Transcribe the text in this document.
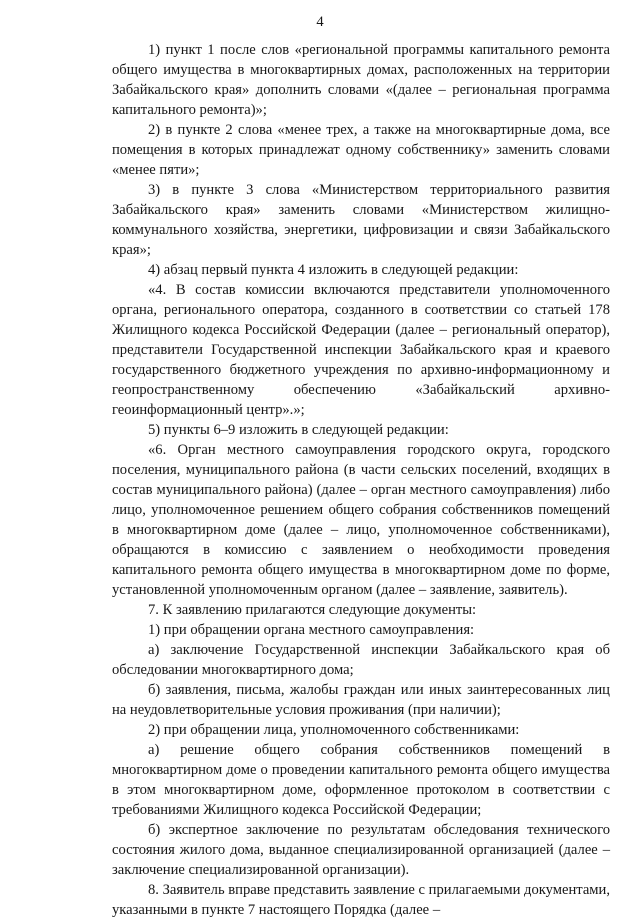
4

1) пункт 1 после слов «региональной программы капитального ремонта общего имущества в многоквартирных домах, расположенных на территории Забайкальского края» дополнить словами «(далее – региональная программа капитального ремонта)»;

2) в пункте 2 слова «менее трех, а также на многоквартирные дома, все помещения в которых принадлежат одному собственнику» заменить словами «менее пяти»;

3) в пункте 3 слова «Министерством территориального развития Забайкальского края» заменить словами «Министерством жилищно-коммунального хозяйства, энергетики, цифровизации и связи Забайкальского края»;

4) абзац первый пункта 4 изложить в следующей редакции:

«4. В состав комиссии включаются представители уполномоченного органа, регионального оператора, созданного в соответствии со статьей 178 Жилищного кодекса Российской Федерации (далее – региональный оператор), представители Государственной инспекции Забайкальского края и краевого государственного бюджетного учреждения по архивно-информационному и геопространственному обеспечению «Забайкальский архивно-геоинформационный центр».»;

5) пункты 6–9 изложить в следующей редакции:

«6. Орган местного самоуправления городского округа, городского поселения, муниципального района (в части сельских поселений, входящих в состав муниципального района) (далее – орган местного самоуправления) либо лицо, уполномоченное решением общего собрания собственников помещений в многоквартирном доме (далее – лицо, уполномоченное собственниками), обращаются в комиссию с заявлением о необходимости проведения капитального ремонта общего имущества в многоквартирном доме по форме, установленной уполномоченным органом (далее – заявление, заявитель).

7. К заявлению прилагаются следующие документы:

1) при обращении органа местного самоуправления:

а) заключение Государственной инспекции Забайкальского края об обследовании многоквартирного дома;

б) заявления, письма, жалобы граждан или иных заинтересованных лиц на неудовлетворительные условия проживания (при наличии);

2) при обращении лица, уполномоченного собственниками:

а) решение общего собрания собственников помещений в многоквартирном доме о проведении капитального ремонта общего имущества в этом многоквартирном доме, оформленное протоколом в соответствии с требованиями Жилищного кодекса Российской Федерации;

б) экспертное заключение по результатам обследования технического состояния жилого дома, выданное специализированной организацией (далее – заключение специализированной организации).

8. Заявитель вправе представить заявление с прилагаемыми документами, указанными в пункте 7 настоящего Порядка (далее –
